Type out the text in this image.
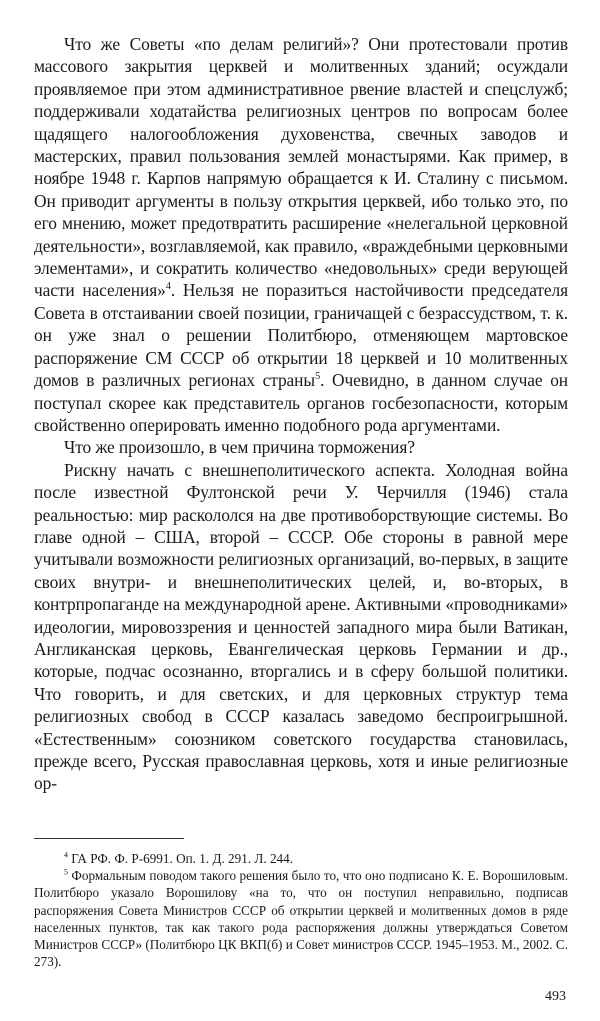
Что же Советы «по делам религий»? Они протестовали против массового закрытия церквей и молитвенных зданий; осуждали проявляемое при этом административное рвение властей и спецслужб; поддерживали ходатайства религиозных центров по вопросам более щадящего налогообложения духовенства, свечных заводов и мастерских, правил пользования землей монастырями. Как пример, в ноябре 1948 г. Карпов напрямую обращается к И. Сталину с письмом. Он приводит аргументы в пользу открытия церквей, ибо только это, по его мнению, может предотвратить расширение «нелегальной церковной деятельности», возглавляемой, как правило, «враждебными церковными элементами», и сократить количество «недовольных» среди верующей части населения»$^4$. Нельзя не поразиться настойчивости председателя Совета в отстаивании своей позиции, граничащей с безрассудством, т. к. он уже знал о решении Политбюро, отменяющем мартовское распоряжение СМ СССР об открытии 18 церквей и 10 молитвенных домов в различных регионах страны$^5$. Очевидно, в данном случае он поступал скорее как представитель органов госбезопасности, которым свойственно оперировать именно подобного рода аргументами.

Что же произошло, в чем причина торможения?

Рискну начать с внешнеполитического аспекта. Холодная война после известной Фултонской речи У. Черчилля (1946) стала реальностью: мир раскололся на две противоборствующие системы. Во главе одной – США, второй – СССР. Обе стороны в равной мере учитывали возможности религиозных организаций, во-первых, в защите своих внутри- и внешнеполитических целей, и, во-вторых, в контрпропаганде на международной арене. Активными «проводниками» идеологии, мировоззрения и ценностей западного мира были Ватикан, Англиканская церковь, Евангелическая церковь Германии и др., которые, подчас осознанно, вторгались и в сферу большой политики. Что говорить, и для светских, и для церковных структур тема религиозных свобод в СССР казалась заведомо беспроигрышной. «Естественным» союзником советского государства становилась, прежде всего, Русская православная церковь, хотя и иные религиозные ор-

$^4$ ГА РФ. Ф. Р-6991. Оп. 1. Д. 291. Л. 244.

$^5$ Формальным поводом такого решения было то, что оно подписано К. Е. Ворошиловым. Политбюро указало Ворошилову «на то, что он поступил неправильно, подписав распоряжения Совета Министров СССР об открытии церквей и молитвенных домов в ряде населенных пунктов, так как такого рода распоряжения должны утверждаться Советом Министров СССР» (Политбюро ЦК ВКП(б) и Совет министров СССР. 1945–1953. М., 2002. С. 273).

493
